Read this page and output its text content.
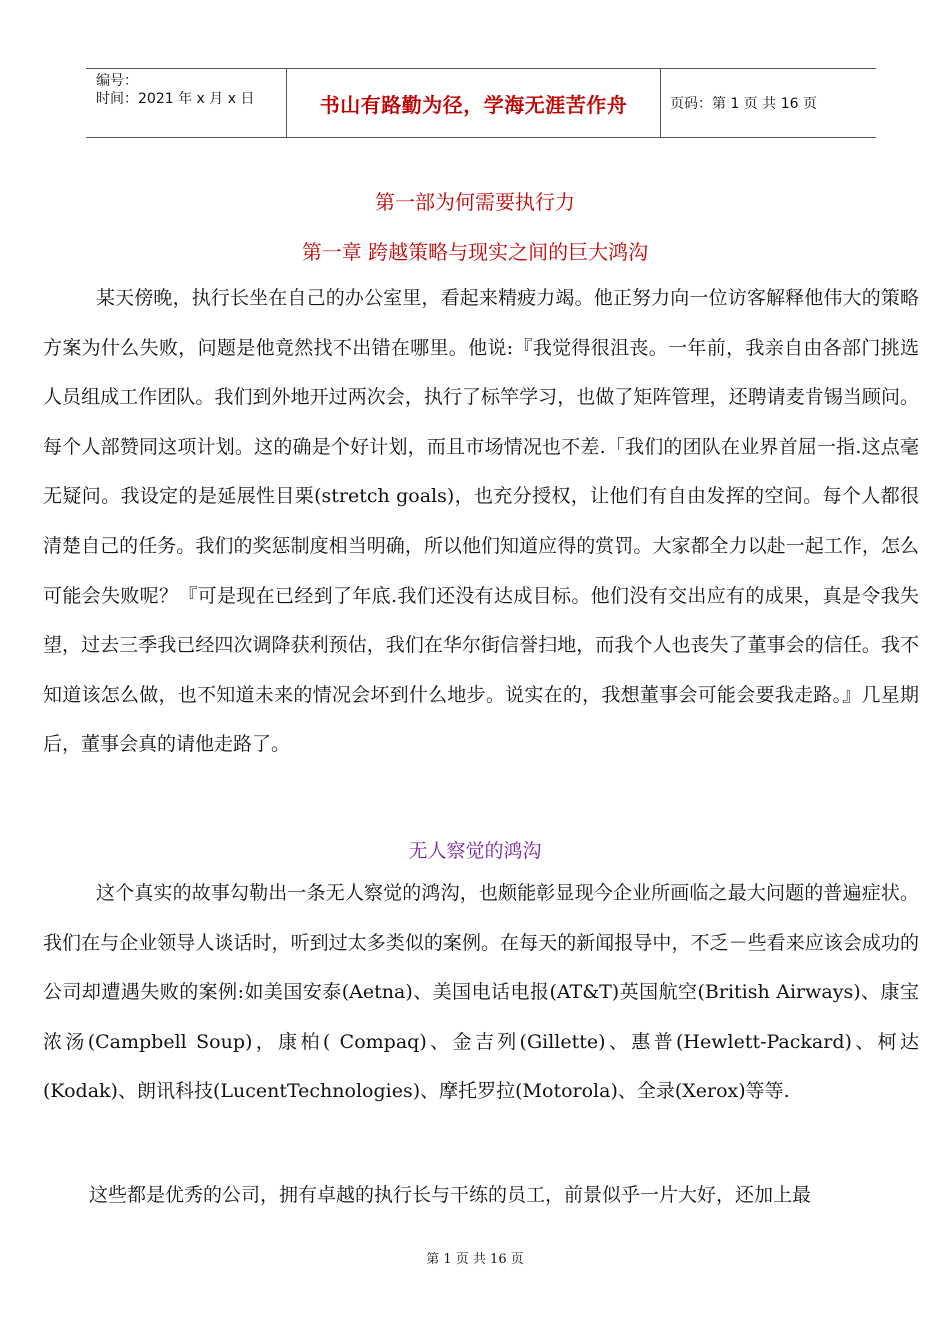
编号：
时间：2021 年 x 月 x 日	书山有路勤为径，学海无涯苦作舟	页码：第 1 页 共 16 页
第一部为何需要执行力
第一章 跨越策略与现实之间的巨大鸿沟

某天傍晚，执行长坐在自己的办公室里，看起来精疲力竭。他正努力向一位访客解释他伟大的策略方案为什么失败，问题是他竟然找不出错在哪里。他说:『我觉得很沮丧。一年前，我亲自由各部门挑选人员组成工作团队。我们到外地开过两次会，执行了标竿学习，也做了矩阵管理，还聘请麦肯锡当顾问。每个人部赞同这项计划。这的确是个好计划，而且市场情况也不差.「我们的团队在业界首屈一指.这点毫无疑问。我设定的是延展性目栗(stretch goals)，也充分授权，让他们有自由发挥的空间。每个人都很清楚自己的任务。我们的奖惩制度相当明确，所以他们知道应得的赏罚。大家都全力以赴一起工作，怎么可能会失败呢？『可是现在已经到了年底.我们还没有达成目标。他们没有交出应有的成果，真是令我失望，过去三季我已经四次调降获利预估，我们在华尔街信誉扫地，而我个人也丧失了董事会的信任。我不知道该怎么做，也不知道未来的情况会坏到什么地步。说实在的，我想董事会可能会要我走路。』几星期后，董事会真的请他走路了。

无人察觉的鸿沟

这个真实的故事勾勒出一条无人察觉的鸿沟，也颇能彰显现今企业所画临之最大问题的普遍症状。我们在与企业领导人谈话时，听到过太多类似的案例。在每天的新闻报导中，不乏－些看来应该会成功的公司却遭遇失败的案例:如美国安泰(Aetna)、美国电话电报(AT&T)英国航空(British Airways)、康宝浓汤(Campbell Soup)，康柏( Compaq)、金吉列(Gillette)、惠普(Hewlett-Packard)、柯达(Kodak)、朗讯科技(LucentTechnologies)、摩托罗拉(Motorola)、全录(Xerox)等等.

这些都是优秀的公司，拥有卓越的执行长与干练的员工，前景似乎一片大好，还加上最

第 1 页 共 16 页
